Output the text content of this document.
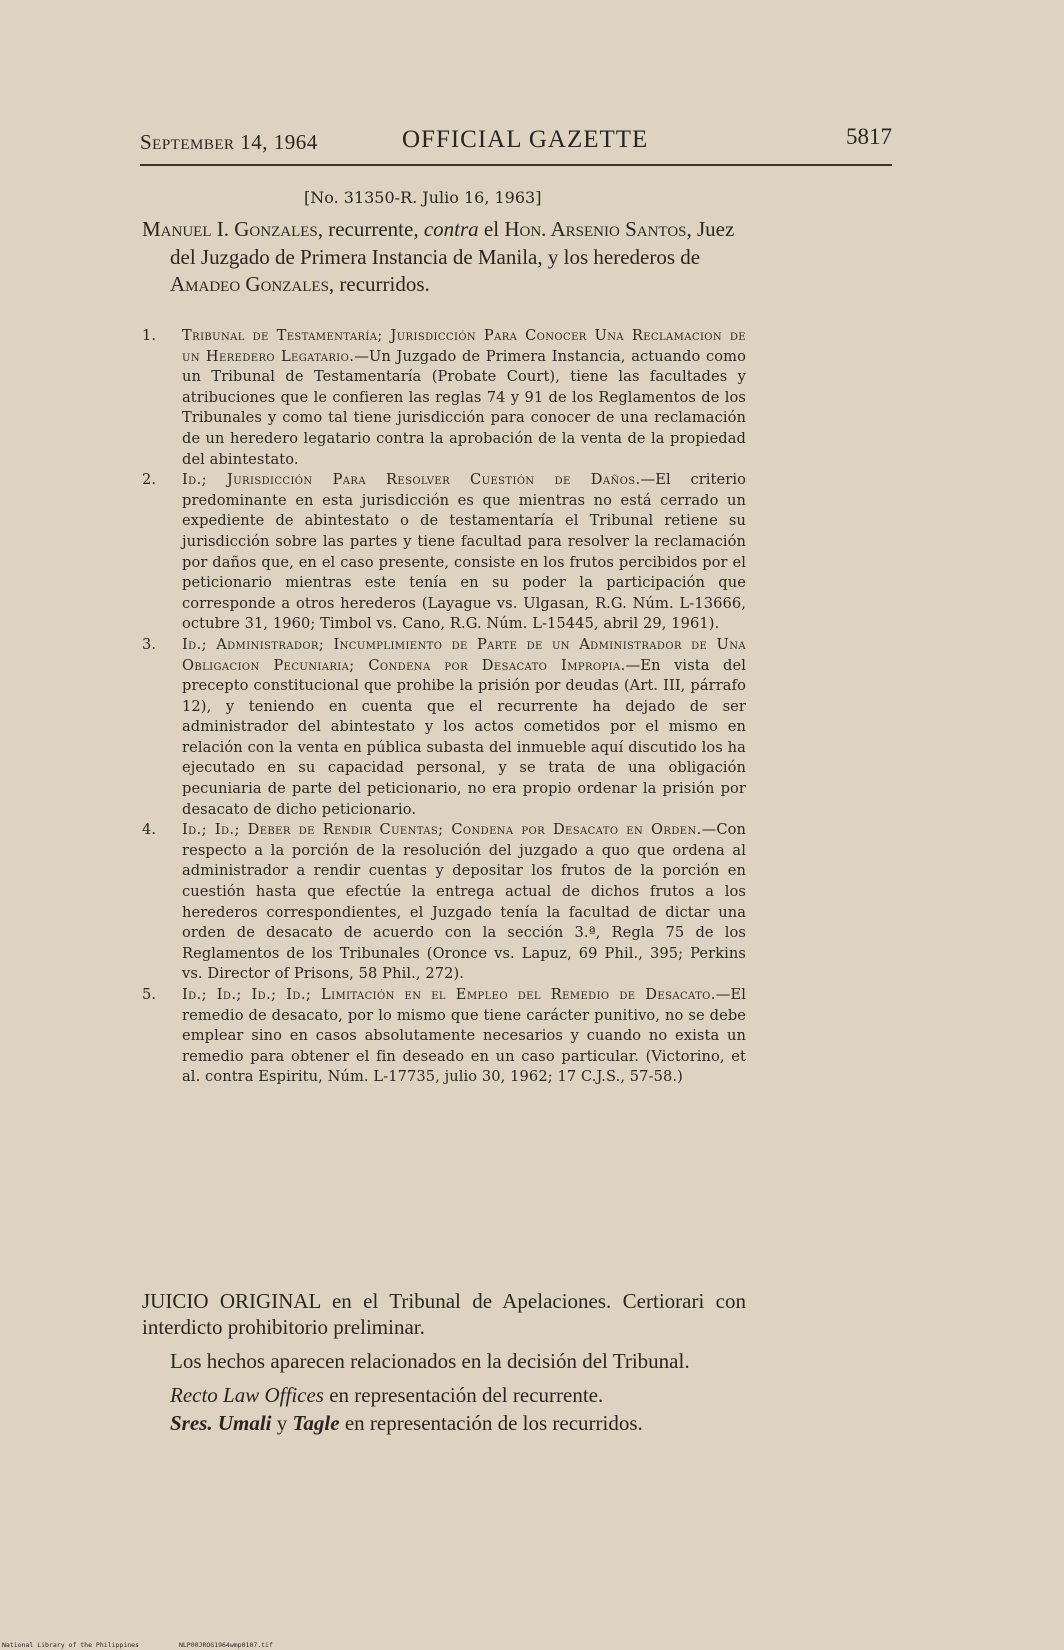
September 14, 1964	OFFICIAL GAZETTE	5817
[No. 31350-R. Julio 16, 1963]

Manuel I. Gonzales, recurrente, contra el Hon. Arsenio Santos, Juez del Juzgado de Primera Instancia de Manila, y los herederos de Amadeo Gonzales, recurridos.

1.	Tribunal de Testamentaría; Jurisdicción Para Conocer Una Reclamacion de un Heredero Legatario.—Un Juzgado de Primera Instancia, actuando como un Tribunal de Testamentaría (Probate Court), tiene las facultades y atribuciones que le confieren las reglas 74 y 91 de los Reglamentos de los Tribunales y como tal tiene jurisdicción para conocer de una reclamación de un heredero legatario contra la aprobación de la venta de la propiedad del abintestato.
2.	Id.; Jurisdicción Para Resolver Cuestión de Daños.—El criterio predominante en esta jurisdicción es que mientras no está cerrado un expediente de abintestato o de testamentaría el Tribunal retiene su jurisdicción sobre las partes y tiene facultad para resolver la reclamación por daños que, en el caso presente, consiste en los frutos percibidos por el peticionario mientras este tenía en su poder la participación que corresponde a otros herederos (Layague vs. Ulgasan, R.G. Núm. L-13666, octubre 31, 1960; Timbol vs. Cano, R.G. Núm. L-15445, abril 29, 1961).
3.	Id.; Administrador; Incumplimiento de Parte de un Administrador de Una Obligacion Pecuniaria; Condena por Desacato Impropia.—En vista del precepto constitucional que prohibe la prisión por deudas (Art. III, párrafo 12), y teniendo en cuenta que el recurrente ha dejado de ser administrador del abintestato y los actos cometidos por el mismo en relación con la venta en pública subasta del inmueble aquí discutido los ha ejecutado en su capacidad personal, y se trata de una obligación pecuniaria de parte del peticionario, no era propio ordenar la prisión por desacato de dicho peticionario.
4.	Id.; Id.; Deber de Rendir Cuentas; Condena por Desacato en Orden.—Con respecto a la porción de la resolución del juzgado a quo que ordena al administrador a rendir cuentas y depositar los frutos de la porción en cuestión hasta que efectúe la entrega actual de dichos frutos a los herederos correspondientes, el Juzgado tenía la facultad de dictar una orden de desacato de acuerdo con la sección 3.ª, Regla 75 de los Reglamentos de los Tribunales (Oronce vs. Lapuz, 69 Phil., 395; Perkins vs. Director of Prisons, 58 Phil., 272).
5.	Id.; Id.; Id.; Id.; Limitación en el Empleo del Remedio de Desacato.—El remedio de desacato, por lo mismo que tiene carácter punitivo, no se debe emplear sino en casos absolutamente necesarios y cuando no exista un remedio para obtener el fin deseado en un caso particular. (Victorino, et al. contra Espiritu, Núm. L-17735, julio 30, 1962; 17 C.J.S., 57-58.)

JUICIO ORIGINAL en el Tribunal de Apelaciones. Certiorari con interdicto prohibitorio preliminar.

Los hechos aparecen relacionados en la decisión del Tribunal.

Recto Law Offices en representación del recurrente.

Sres. Umali y Tagle en representación de los recurridos.

National Library of the Philippines	NLP00JROG1964wmp0107.tif
